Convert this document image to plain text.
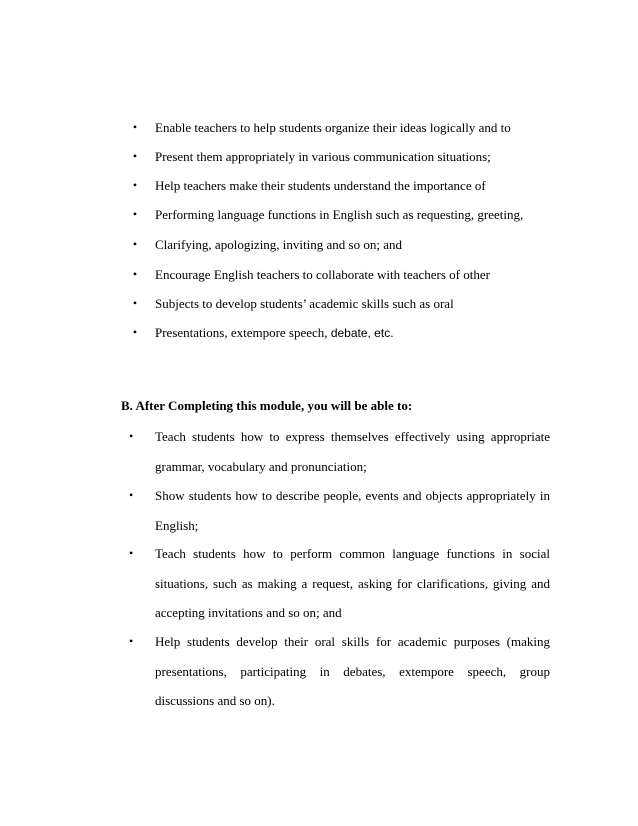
•	Enable teachers to help students organize their ideas logically and to
•	Present them appropriately in various communication situations;
•	Help teachers make their students understand the importance of
•	Performing language functions in English such as requesting, greeting,
•	Clarifying, apologizing, inviting and so on; and
•	Encourage English teachers to collaborate with teachers of other
•	Subjects to develop students’ academic skills such as oral
•	Presentations, extempore speech, debate, etc.
B. After Completing this module, you will be able to:
•	Teach students how to express themselves effectively using appropriate grammar, vocabulary and pronunciation;
•	Show students how to describe people, events and objects appropriately in English;
•	Teach students how to perform common language functions in social situations, such as making a request, asking for clarifications, giving and accepting invitations and so on; and
•	Help students develop their oral skills for academic purposes (making presentations, participating in debates, extempore speech, group discussions and so on).
